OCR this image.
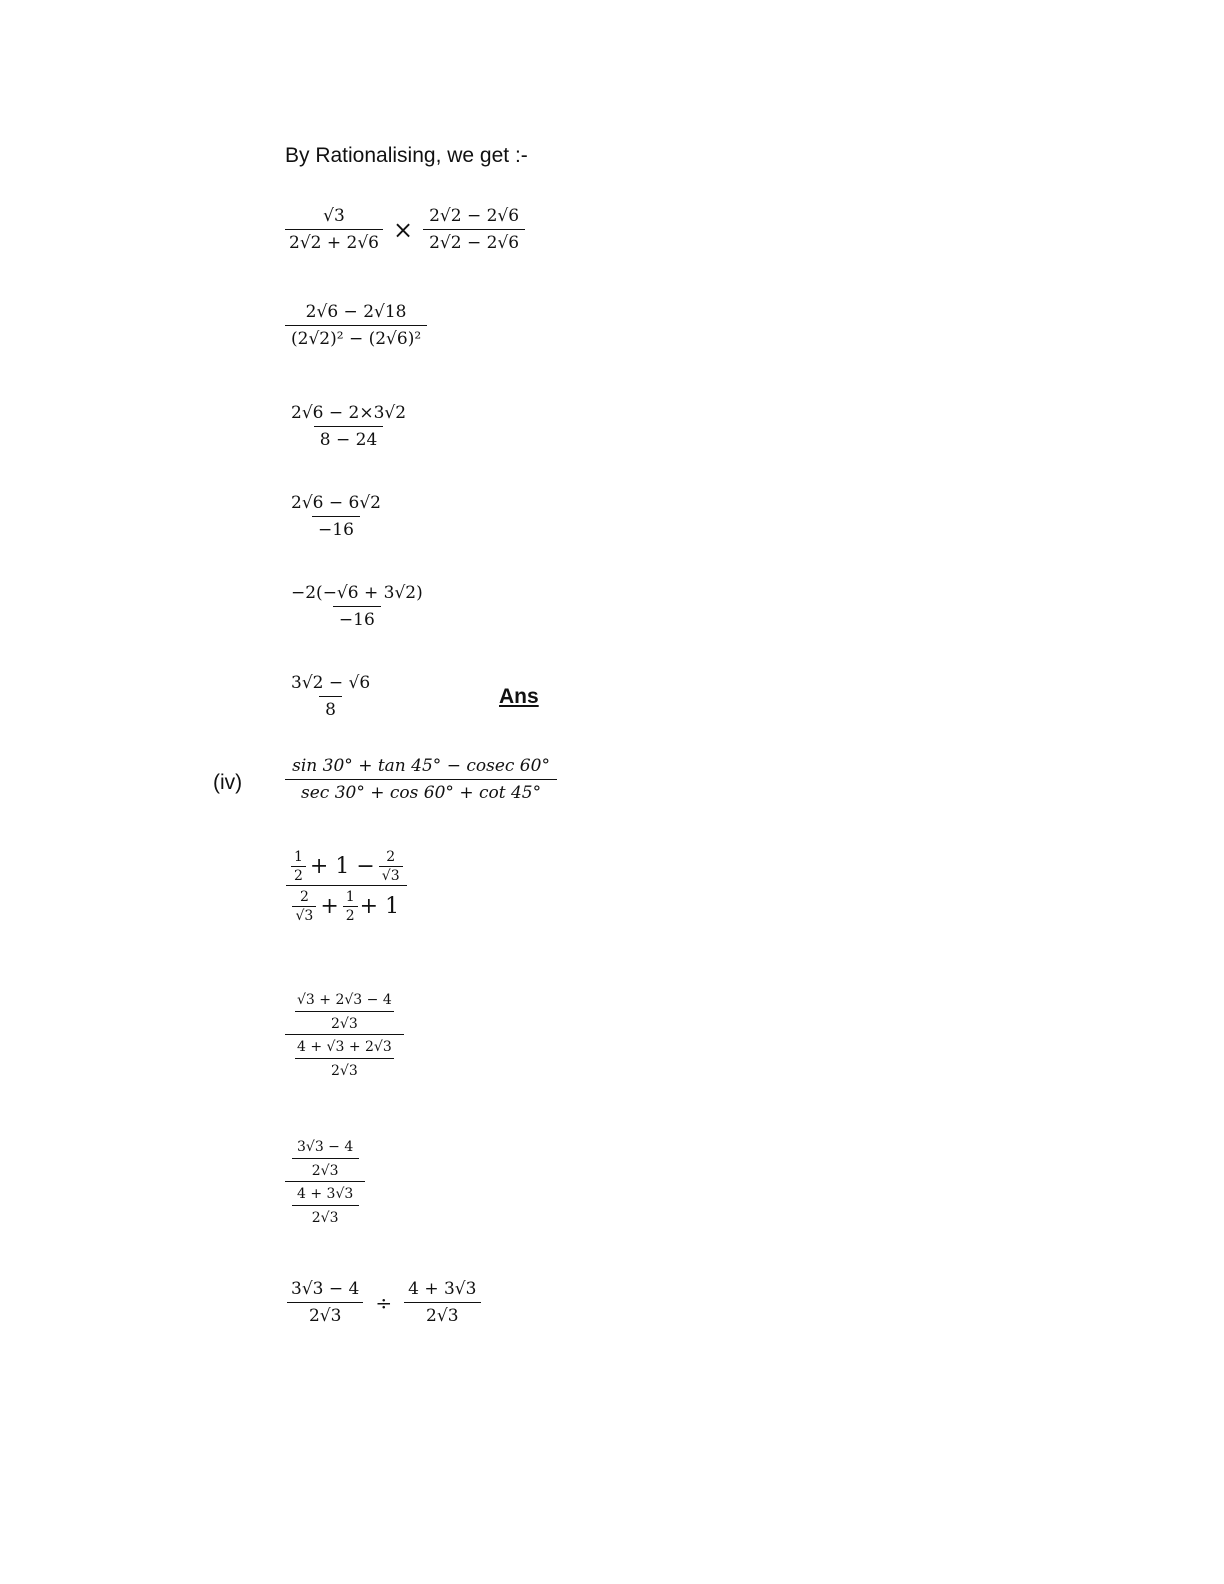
By Rationalising, we get :-
$\frac{√3}{2√2 + 2√6} \times \frac{2√2 - 2√6}{2√2 - 2√6}$
$\frac{2√6 - 2√18}{\text{(2√2)² − (2√6)²}}$
$\frac{2√6 - 2\times 3√2}{8 - 24}$
$\frac{2√6 - 6√2}{-16}$
$\frac{-2(-√6 + 3√2)}{-16}$
$\frac{3√2 - √6}{8}$	Ans
(iv)	$\frac{\sin 30^\circ + \tan 45^\circ - cosec 60^\circ}{\sec 30^\circ + \cos 60^\circ + \cot 45^\circ}$
$\frac{1}{2} + 1 - \frac{2}{√3}$
$\frac{2}{√3} + \frac{1}{2} + 1$
$\frac{\frac{√3 + 2√3 - 4}{2√3}}{\frac{4 + √3 + 2√3}{2√3}}$
$\frac{\frac{3√3 - 4}{2√3}}{\frac{4 + 3√3}{2√3}}$
$\frac{3√3 - 4}{2√3} \div \frac{4 + 3√3}{2√3}$
